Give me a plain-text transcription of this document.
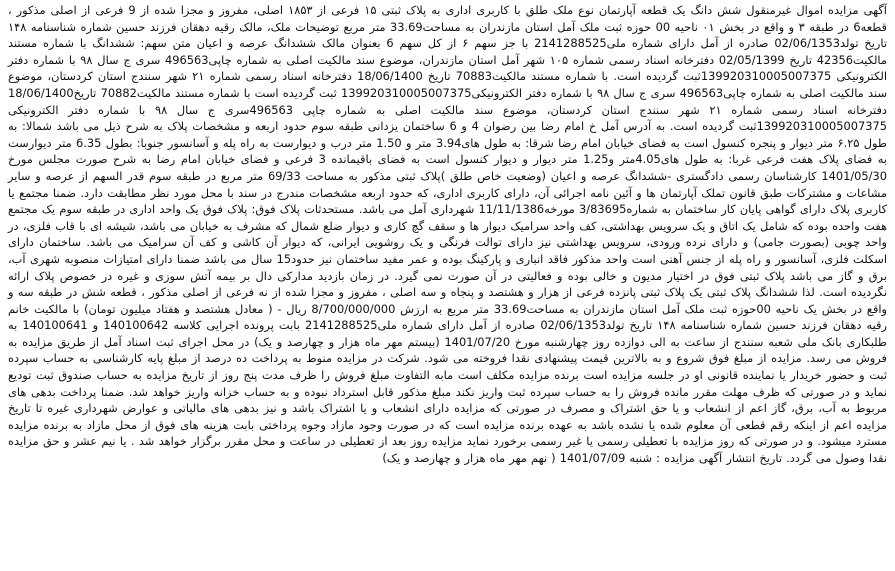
آگهی مزایده اموال غیرمنقول شش دانگ یک قطعه آپارتمان نوع ملک طلق با کاربری اداری به پلاک ثبتی ۱۵ فرعی از ۱۸۵۳ اصلی، مفروز و مجزا شده از 9 فرعی از اصلی مذکور ، قطعه6 در طبقه ۳ و واقع در بخش ۰۱ ناحیه 00 حوزه ثبت ملک آمل استان مازندران به مساحت33.69 متر مربع توضیحات ملک، مالک رقیه دهقان فرزند حسین شماره شناسنامه ۱۴۸ تاریخ تولد02/06/1353 صادره از آمل دارای شماره ملی2141288525 با جز سهم ۶ از کل سهم 6 بعنوان مالک ششدانگ عرصه و اعیان متن سهم: ششدانگ با شماره مستند مالکیت42356 تاریخ 02/05/1399 دفترخانه اسناد رسمی شماره ۱۰۵ شهر آمل استان مازندران، موضوع سند مالکیت اصلی به شماره چاپی496563 سری ج سال ۹۸ با شماره دفتر الکترونیکی 139920310005007375ثبت گردیده است. با شماره مستند مالکیت70883 تاریخ 18/06/1400 دفترخانه اسناد رسمی شماره ۲۱ شهر سنندج استان کردستان، موضوع سند مالکیت اصلی به شماره چاپی496563 سری ج سال ۹۸ با شماره دفتر الکترونیکی139920310005007375 ثبت گردیده است با شماره مستند مالکیت70882 تاریخ18/06/1400 دفترخانه اسناد رسمی شماره ۲۱ شهر سنندج استان کردستان، موضوع سند مالکیت اصلی به شماره چاپی 496563سری ج سال ۹۸ با شماره دفتر الکترونیکی 139920310005007375ثبت گردیده است. به آدرس آمل خ امام رضا بین رضوان 4 و 6 ساختمان یزدانی طبقه سوم حدود اربعه و مشخصات پلاک به شرح ذیل می باشد شمالا: به طول ۶.۲۵ متر دیوار و پنجره کنسول است به فضای خیابان امام رضا شرقا: به طول های3.94 متر و 1.50 متر درب و دیوارست به راه پله و آسانسور جنوبا: بطول 6.35 متر دیوارست به فضای پلاک هفت فرعی غربا: به طول های4.05متر و1.25 متر دیوار و دیوار کنسول است به فضای باقیمانده 3 فرعی و فضای خیابان امام رضا به شرح صورت مجلس مورخ 1401/05/30 کارشناسان رسمی دادگستری -ششدانگ عرصه و اعیان (وضعیت خاص طلق )پلاک ثبتی مذکور به مساحت 69/33 متر مربع در طبقه سوم قدر السهم از عرصه و سایر مشاعات و مشترکات طبق قانون تملک آپارتمان ها و آئین نامه اجرائی آن، دارای کاربری اداری، که حدود اربعه مشخصات مندرج در سند با محل مورد نظر مطابقت دارد. ضمنا مجتمع یا کاربری پلاک دارای گواهی پایان کار ساختمان به شماره3/83695 مورخه11/11/1386 شهرداری آمل می باشد. مستحدثات پلاک فوق: پلاک فوق یک واحد اداری در طبقه سوم یک مجتمع هفت واحده بوده که شامل یک اتاق و یک سرویس بهداشتی، کف واحد سرامیک دیوار ها و سقف گچ کاری و دیوار ضلع شمال که مشرف به خیابان می باشد، شیشه ای با قاب فلزی، در واحد چوبی (بصورت جامی) و دارای نرده ورودی، سرویس بهداشتی نیز دارای توالت فرنگی و یک روشویی ایرانی، که دیوار آن کاشی و کف آن سرامیک می باشد. ساختمان دارای اسکلت فلزی، آسانسور و راه پله از جنس آهنی است واحد مذکور فاقد انباری و پارکینگ بوده و عمر مفید ساختمان نیز حدود15 سال می باشد ضمنا دارای امتیازات منصوبه شهری آب، برق و گاز می باشد پلاک ثبتی فوق در اختیار مدیون و خالی بوده و فعالیتی در آن صورت نمی گیرد. در زمان بازدید مدارکی دال بر بیمه آتش سوزی و غیره در خصوص پلاک ارائه نگردیده است. لذا ششدانگ پلاک ثبتی یک پلاک ثبتی پانزده فرعی از هزار و هشتصد و پنجاه و سه اصلی ، مفروز و مجزا شده از نه فرعی از اصلی مذکور ، قطعه شش در طبقه سه و واقع در بخش یک ناحیه 00حوزه ثبت ملک آمل استان مازندران به مساحت33.69 متر مربع به ارزش 8/700/000/000 ریال - ( معادل هشتصد و هفتاد میلیون تومان) با مالکیت خانم رقیه دهقان فرزند حسین شماره شناسنامه ۱۴۸ تاریخ تولد02/06/1353 صادره از آمل دارای شماره ملی2141288525 بابت پرونده اجرایی کلاسه 140100642 و 140100641 به طلبکاری بانک ملی شعبه سنندج از ساعت به الی دوازده روز چهارشنبه مورخ 1401/07/20 (بیستم مهر ماه هزار و چهارصد و یک) در محل اجرای ثبت اسناد آمل از طریق مزایده به فروش می رسد. مزایده از مبلغ فوق شروع و به بالاترین قیمت پیشنهادی نقدا فروخته می شود. شرکت در مزایده منوط به پرداخت ده درصد از مبلغ پایه کارشناسی به حساب سپرده ثبت و حضور خریدار یا نماینده قانونی او در جلسه مزایده است برنده مزایده مکلف است مابه التفاوت مبلغ فروش را ظرف مدت پنج روز از تاریخ مزایده به حساب صندوق ثبت تودیع نماید و در صورتی که ظرف مهلت مقرر مانده فروش را به حساب سپرده ثبت واریز نکند مبلغ مذکور قابل استرداد نبوده و به حساب خزانه واریز خواهد شد. ضمنا پرداخت بدهی های مربوط به آب، برق، گاز اعم از انشعاب و یا حق اشتراک و مصرف در صورتی که مزایده دارای انشعاب و یا اشتراک باشد و نیز بدهی های مالیاتی و عوارض شهرداری غیره تا تاریخ مزایده اعم از اینکه رقم قطعی آن معلوم شده یا نشده باشد به عهده برنده مزایده است که در صورت وجود مازاد وجوه پرداختی بابت هزینه های فوق از محل مازاد به برنده مزایده مسترد میشود. و در صورتی که روز مزایده با تعطیلی رسمی یا غیر رسمی برخورد نماید مزایده روز بعد از تعطیلی در ساعت و محل مقرر برگزار خواهد شد . یا نیم عشر و حق مزایده نقدا وصول می گردد. تاریخ انتشار آگهی مزایده : شنبه 1401/07/09 ( نهم مهر ماه هزار و چهارصد و یک)
